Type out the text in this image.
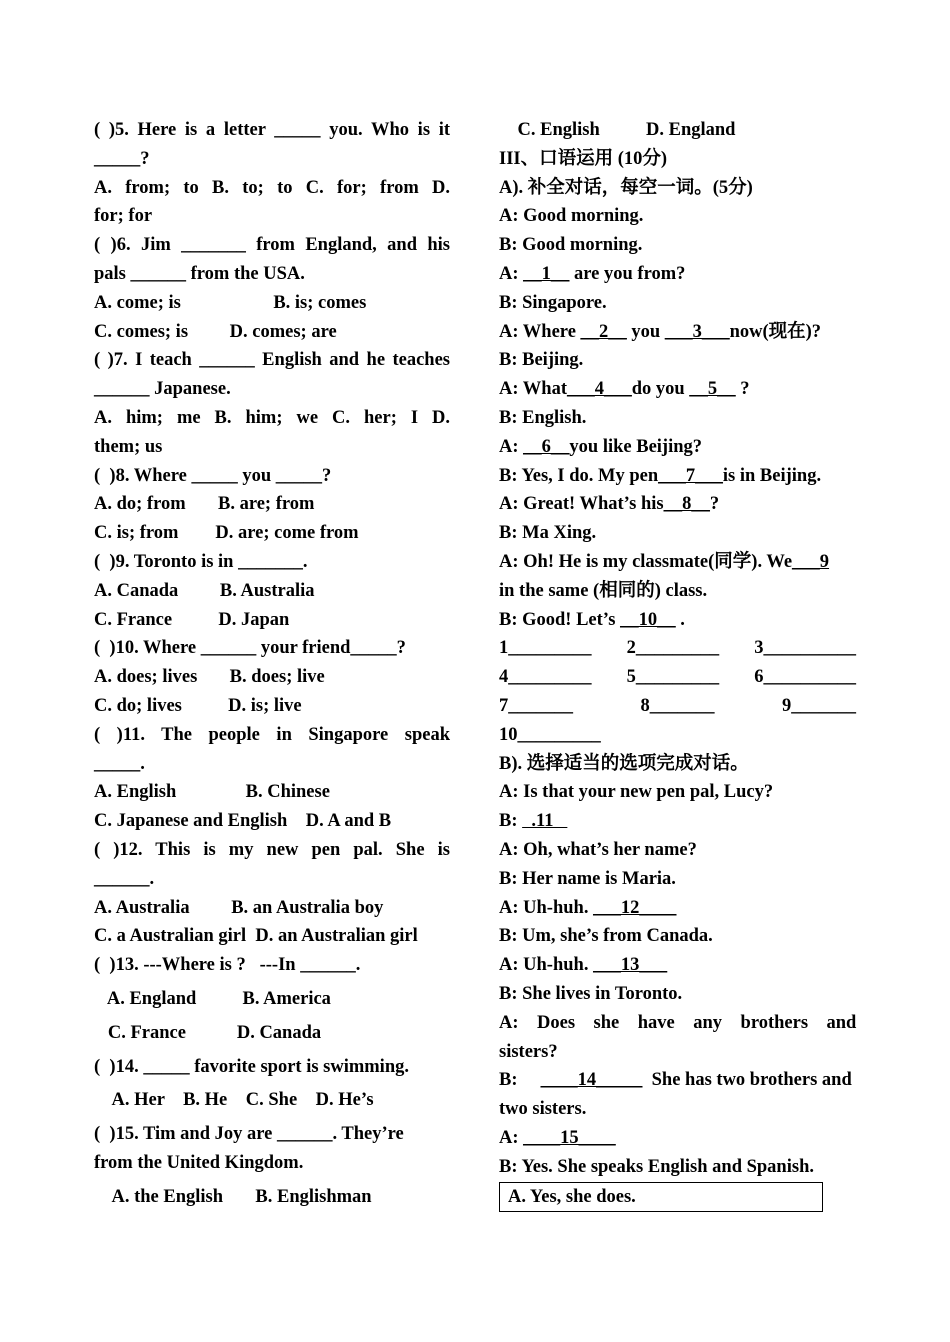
( )5. Here is a letter _____ you. Who is it
_____?
A. from; to B. to; to C. for; from D.
for; for
( )6. Jim _______ from England, and his
pals ______ from the USA.
A. come; is                    B. is; comes
C. comes; is         D. comes; are
( )7. I teach ______ English and he teaches
______ Japanese.
A. him; me B. him; we C. her; I D.
them; us
(  )8. Where _____ you _____?
A. do; from       B. are; from
C. is; from        D. are; come from
(  )9. Toronto is in _______.
A. Canada         B. Australia
C. France          D. Japan
(  )10. Where ______ your friend_____?
A. does; lives       B. does; live
C. do; lives          D. is; live
( )11. The people in Singapore speak
_____.
A. English               B. Chinese
C. Japanese and English    D. A and B
( )12. This is my new pen pal. She is
______.
A. Australia         B. an Australia boy
C. a Australian girl  D. an Australian girl
(  )13. ---Where is ?   ---In ______.
A. England          B. America
C. France           D. Canada
(  )14. _____ favorite sport is swimming.
A. Her    B. He    C. She    D. He’s
(  )15. Tim and Joy are ______. They’re
from the United Kingdom.
A. the English       B. Englishman
C. English          D. England
III、口语运用 (10分)
A). 补全对话，每空一词。(5分)
A: Good morning.
B: Good morning.
A: __1__ are you from?
B: Singapore.
A: Where __2__ you ___3___now(现在)?
B: Beijing.
A: What___4___do you __5__ ?
B: English.
A: __6__you like Beijing?
B: Yes, I do. My pen___7___is in Beijing.
A: Great! What’s his__8__?
B: Ma Xing.
A: Oh! He is my classmate(同学). We___9
in the same (相同的) class.
B: Good! Let’s __10__ .
1_________ 2_________ 3__________
4_________ 5_________ 6__________
7_______	8_______	9_______
10_________
B). 选择适当的选项完成对话。
A: Is that your new pen pal, Lucy?
B:   .11
A: Oh, what’s her name?
B: Her name is Maria.
A: Uh-huh. ___12____
B: Um, she’s from Canada.
A: Uh-huh. ___13___
B: She lives in Toronto.
A:    Does    she    have    any    brothers    and
sisters?
B:     ____14_____  She has two brothers and
two sisters.
A: ____15____
B: Yes. She speaks English and Spanish.
A. Yes, she does.
